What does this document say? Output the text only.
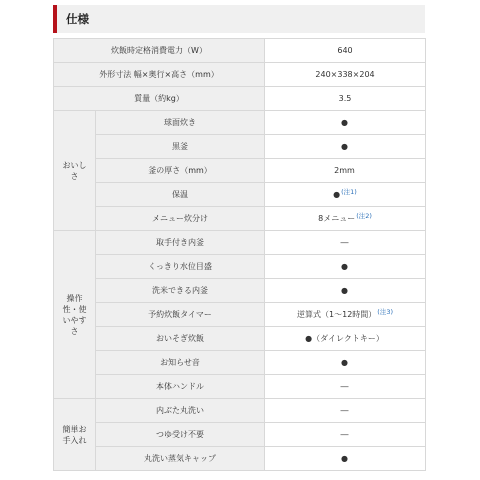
仕様
炊飯時定格消費電力（W）		640
外形寸法 幅×奥行×高さ（mm）		240×338×204
質量（約kg）		3.5

おいしさ	球面炊き	●
	黒釜	●
	釜の厚さ（mm）	2mm
	保温	●$^{(注1)}$
	メニュー炊分け	8メニュー$^{(注2)}$

操作性・使いやすさ	取手付き内釜	―
	くっきり水位目盛	●
	洗米できる内釜	●
	予約炊飯タイマー	逆算式（1～12時間）$^{(注3)}$
	おいそぎ炊飯	●（ダイレクトキー）
	お知らせ音	●
	本体ハンドル	―

簡単お手入れ	内ぶた丸洗い	―
	つゆ受け不要	―
	丸洗い蒸気キャップ	●
